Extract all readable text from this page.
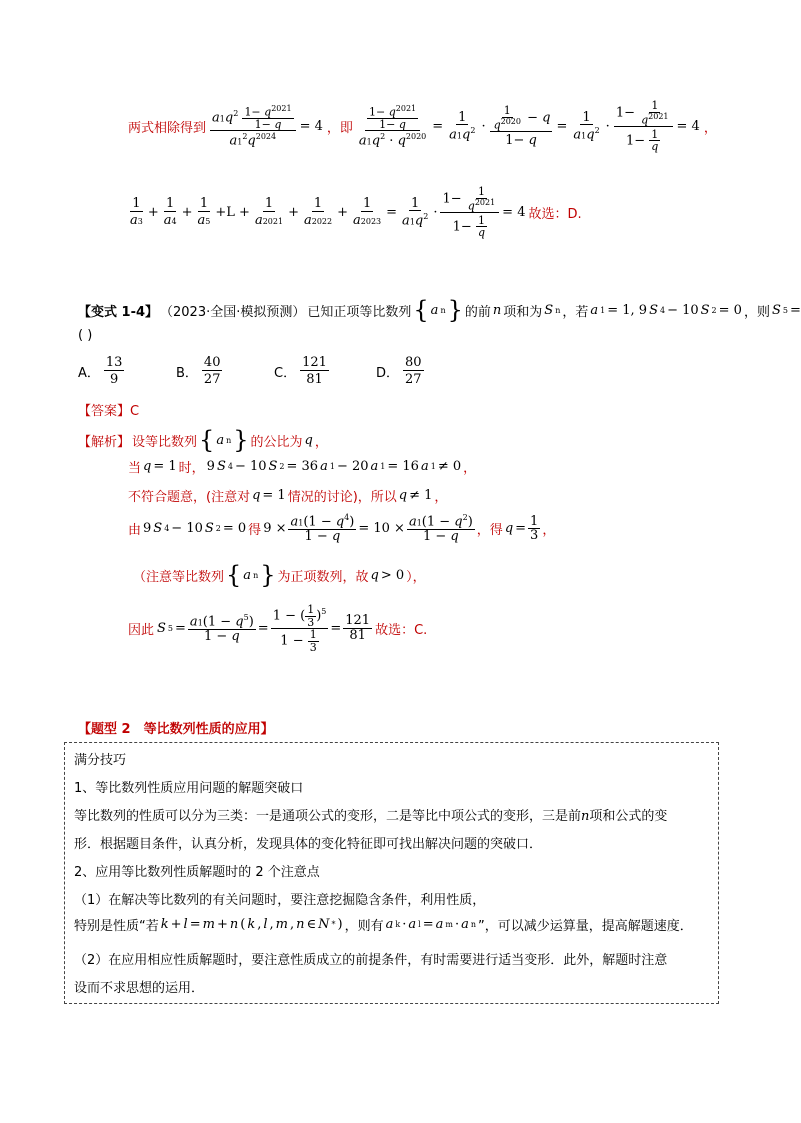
两式相除得到 $\frac{a1q^2 \frac{1- q^{2021}}{1- q}}{a1^2q^{2024}} = 4$ ，即 $\frac{\frac{1- q^{2021}}{1- q}}{a1q^2 \cdot q^{2020}} = \frac{1}{a1q^2} \cdot \frac{\frac{1}{q^{2020}} - q}{1- q} = \frac{1}{a1q^2} \cdot \frac{1- \frac{1}{q^{2021}}}{1- \frac{1}{q}} = 4$ ，
$\frac{1}{a3} + \frac{1}{a4} + \frac{1}{a5} +L + \frac{1}{a2021} + \frac{1}{a2022} + \frac{1}{a2023} = \frac{1}{a1q^2} \cdot \frac{1- \frac{1}{q^{2021}}}{1- \frac{1}{q}} = 4$ 故选：D.
【变式 1-4】 （2023·全国·模拟预测） 已知正项等比数列 { a n } 的前 n 项和为 S n ，若 a 1 = 1, 9 S 4 − 10 S 2 = 0 ，则 S 5 =
( )
A． $\frac{13}{9}$	B． $\frac{40}{27}$	C． $\frac{121}{81}$	D． $\frac{80}{27}$
【答案】C
【解析】 设等比数列 { a n } 的公比为 q ，
当 q = 1 时， 9 S 4 − 10 S 2 = 36 a 1 − 20 a 1 = 16 a 1 ≠ 0 ，
不符合题意，(注意对 q = 1 情况的讨论)，所以 q ≠ 1 ，
由 9 S 4 − 10 S 2 = 0 得 $9 \times \frac{a1(1 - q^4)}{1 - q} = 10 \times \frac{a1(1 - q^2)}{1 - q}$ ，得 $q = \frac{1}{3}$ ，
（注意等比数列 { a n } 为正项数列，故 q > 0 ），
因此 S $5 = \frac{a1(1 - q^5)}{1 - q} = \frac{1 - ( \frac{1}{3} )^5}{1 - \frac{1}{3}} = \frac{121}{81}$ 故选：C.
【题型 2　等比数列性质的应用】
满分技巧
1、等比数列性质应用问题的解题突破口
等比数列的性质可以分为三类：一是通项公式的变形，二是等比中项公式的变形，三是前n项和公式的变
形．根据题目条件，认真分析，发现具体的变化特征即可找出解决问题的突破口．
2、应用等比数列性质解题时的 2 个注意点
（1）在解决等比数列的有关问题时，要注意挖掘隐含条件，利用性质，
特别是性质“若 k + l = m + n ( k , l , m , n ∈ N * ) ，则有 a k · a l = a m · a n ”，可以减少运算量，提高解题速度．
（2）在应用相应性质解题时，要注意性质成立的前提条件，有时需要进行适当变形．此外，解题时注意
设而不求思想的运用．
